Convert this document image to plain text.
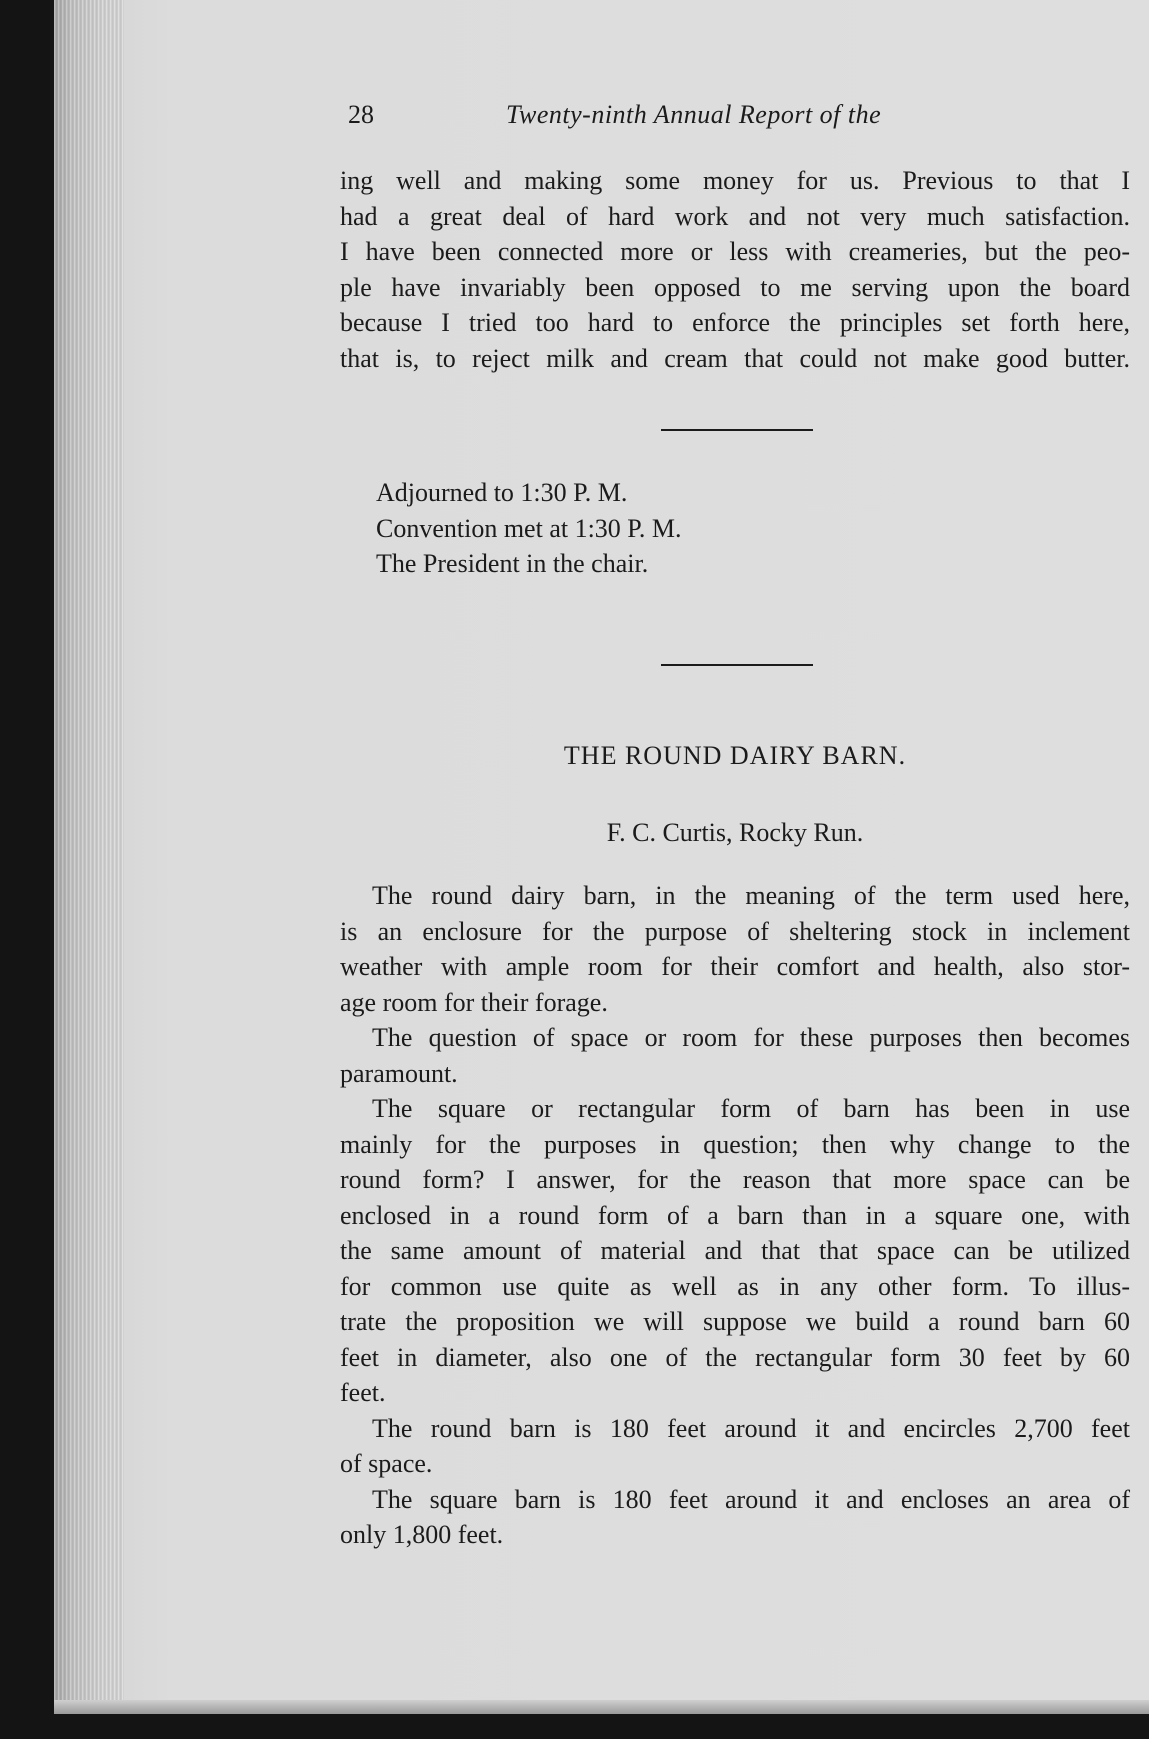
28	Twenty-ninth Annual Report of the

ing well and making some money for us. Previous to that I

had a great deal of hard work and not very much satisfaction.

I have been connected more or less with creameries, but the peo-

ple have invariably been opposed to me serving upon the board

because I tried too hard to enforce the principles set forth here,

that is, to reject milk and cream that could not make good butter.

Adjourned to 1:30 P. M.

Convention met at 1:30 P. M.

The President in the chair.

THE ROUND DAIRY BARN.
F. C. Curtis, Rocky Run.

The round dairy barn, in the meaning of the term used here,

is an enclosure for the purpose of sheltering stock in inclement

weather with ample room for their comfort and health, also stor-

age room for their forage.

The question of space or room for these purposes then becomes

paramount.

The square or rectangular form of barn has been in use

mainly for the purposes in question; then why change to the

round form? I answer, for the reason that more space can be

enclosed in a round form of a barn than in a square one, with

the same amount of material and that that space can be utilized

for common use quite as well as in any other form. To illus-

trate the proposition we will suppose we build a round barn 60

feet in diameter, also one of the rectangular form 30 feet by 60

feet.

The round barn is 180 feet around it and encircles 2,700 feet

of space.

The square barn is 180 feet around it and encloses an area of

only 1,800 feet.
